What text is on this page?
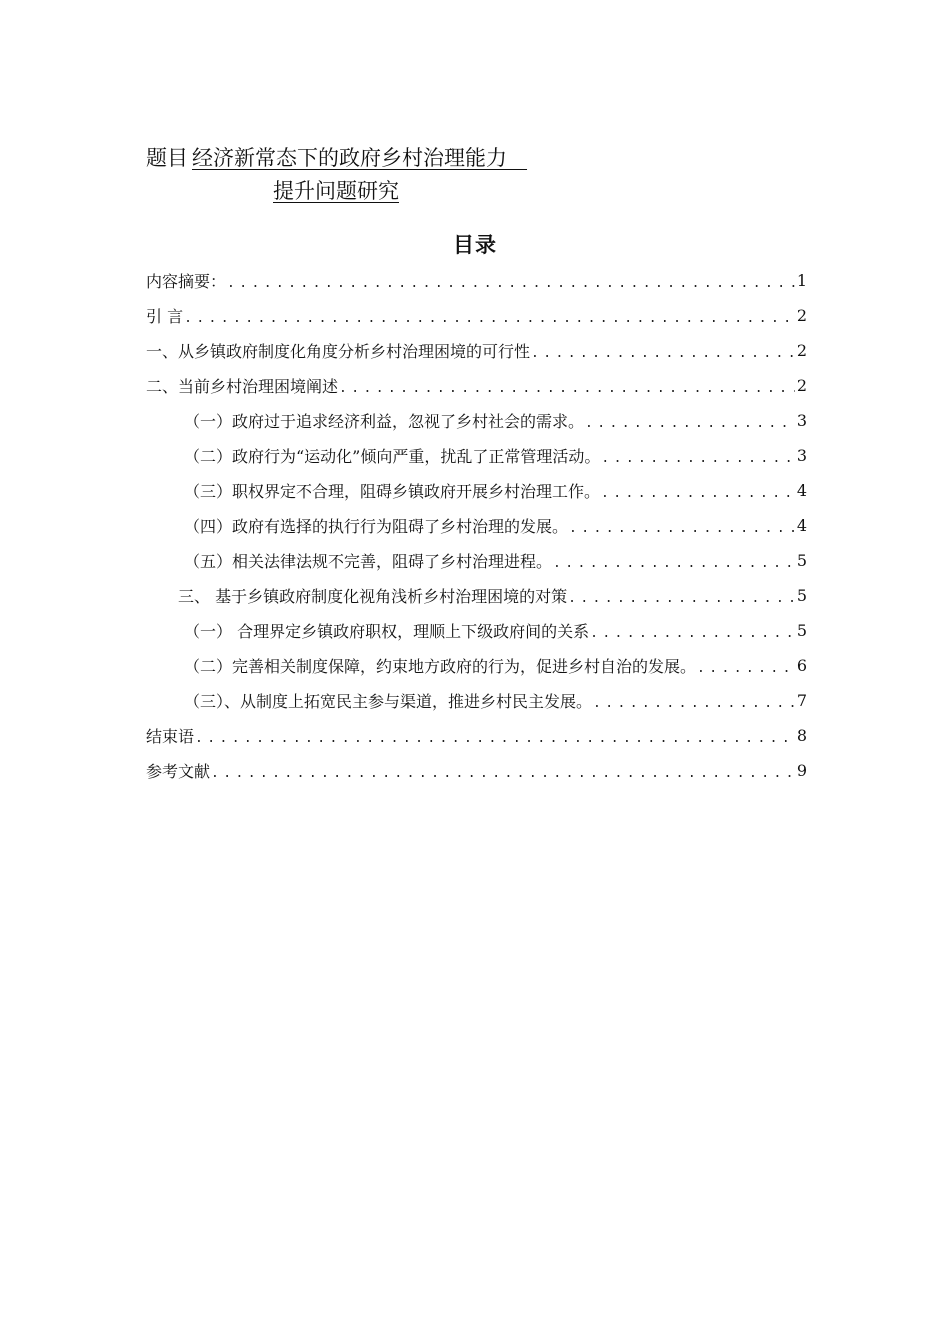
题目 经济新常态下的政府乡村治理能力
提升问题研究
目录
内容摘要： .....	1
引 言 .....	2
一、从乡镇政府制度化角度分析乡村治理困境的可行性 .....	2
二、当前乡村治理困境阐述 .....	2
（一）政府过于追求经济利益，忽视了乡村社会的需求。 .....	3
（二）政府行为“运动化”倾向严重，扰乱了正常管理活动。 .....	3
（三）职权界定不合理，阻碍乡镇政府开展乡村治理工作。 .....	4
（四）政府有选择的执行行为阻碍了乡村治理的发展。 .....	4
（五）相关法律法规不完善，阻碍了乡村治理进程。 .....	5
三、 基于乡镇政府制度化视角浅析乡村治理困境的对策 .....	5
（一） 合理界定乡镇政府职权，理顺上下级政府间的关系 .....	5
（二）完善相关制度保障，约束地方政府的行为，促进乡村自治的发展。 .....	6
（三）、从制度上拓宽民主参与渠道，推进乡村民主发展。 .....	7
结束语 .....	8
参考文献 .....	9
